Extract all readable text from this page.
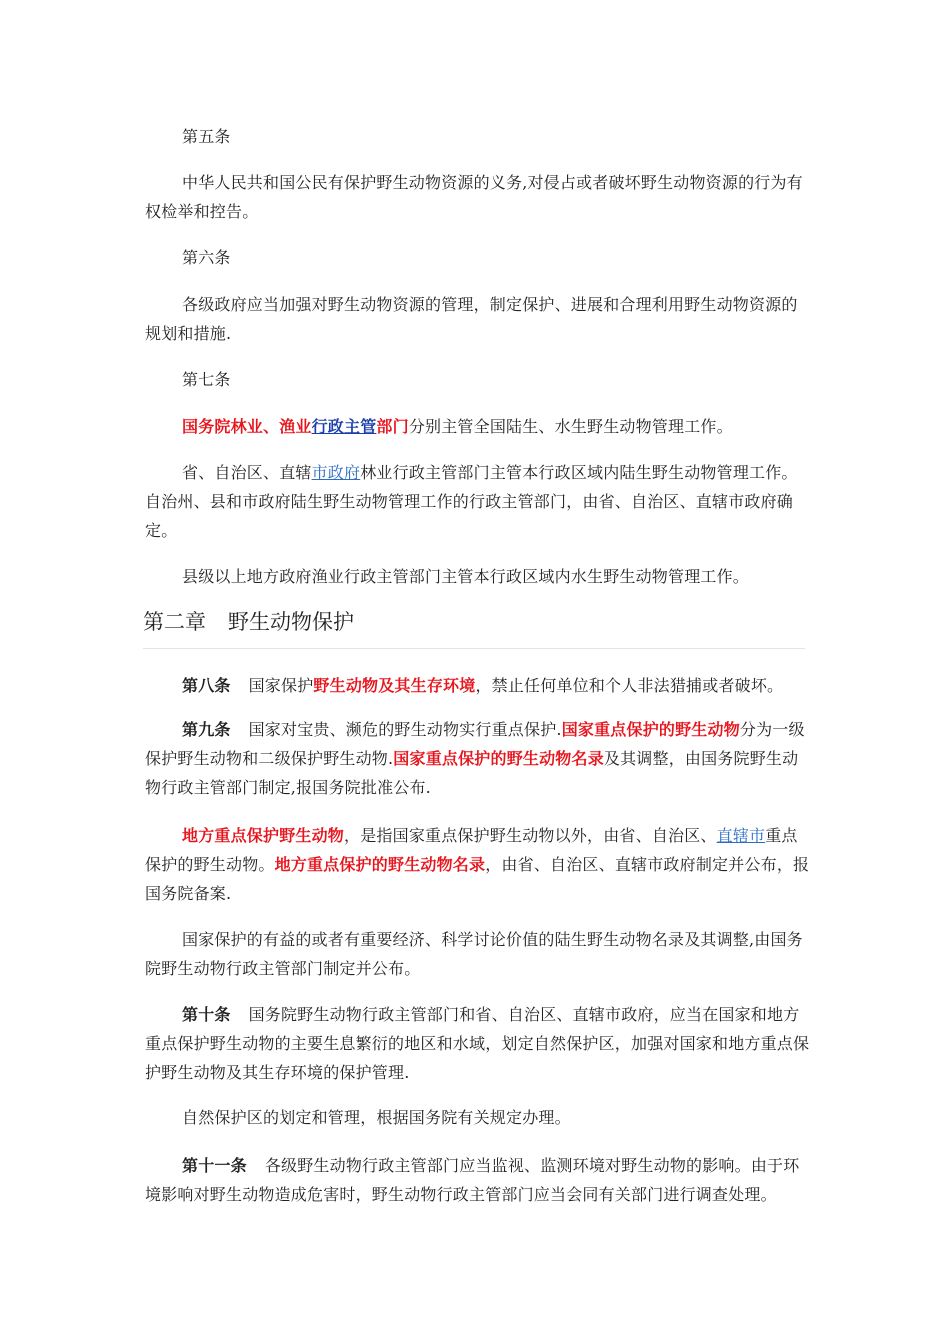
第五条

中华人民共和国公民有保护野生动物资源的义务,对侵占或者破坏野生动物资源的行为有权检举和控告。

第六条

各级政府应当加强对野生动物资源的管理，制定保护、进展和合理利用野生动物资源的规划和措施.

第七条

国务院林业、渔业行政主管部门分别主管全国陆生、水生野生动物管理工作。

省、自治区、直辖市政府林业行政主管部门主管本行政区域内陆生野生动物管理工作。自治州、县和市政府陆生野生动物管理工作的行政主管部门，由省、自治区、直辖市政府确定。

县级以上地方政府渔业行政主管部门主管本行政区域内水生野生动物管理工作。

第二章 野生动物保护

第八条 国家保护野生动物及其生存环境，禁止任何单位和个人非法猎捕或者破坏。

第九条 国家对宝贵、濒危的野生动物实行重点保护.国家重点保护的野生动物分为一级保护野生动物和二级保护野生动物.国家重点保护的野生动物名录及其调整，由国务院野生动物行政主管部门制定,报国务院批准公布.

地方重点保护野生动物，是指国家重点保护野生动物以外，由省、自治区、直辖市重点保护的野生动物。地方重点保护的野生动物名录，由省、自治区、直辖市政府制定并公布，报国务院备案.

国家保护的有益的或者有重要经济、科学讨论价值的陆生野生动物名录及其调整,由国务院野生动物行政主管部门制定并公布。

第十条 国务院野生动物行政主管部门和省、自治区、直辖市政府，应当在国家和地方重点保护野生动物的主要生息繁衍的地区和水域，划定自然保护区，加强对国家和地方重点保护野生动物及其生存环境的保护管理.

自然保护区的划定和管理，根据国务院有关规定办理。

第十一条 各级野生动物行政主管部门应当监视、监测环境对野生动物的影响。由于环境影响对野生动物造成危害时，野生动物行政主管部门应当会同有关部门进行调查处理。
